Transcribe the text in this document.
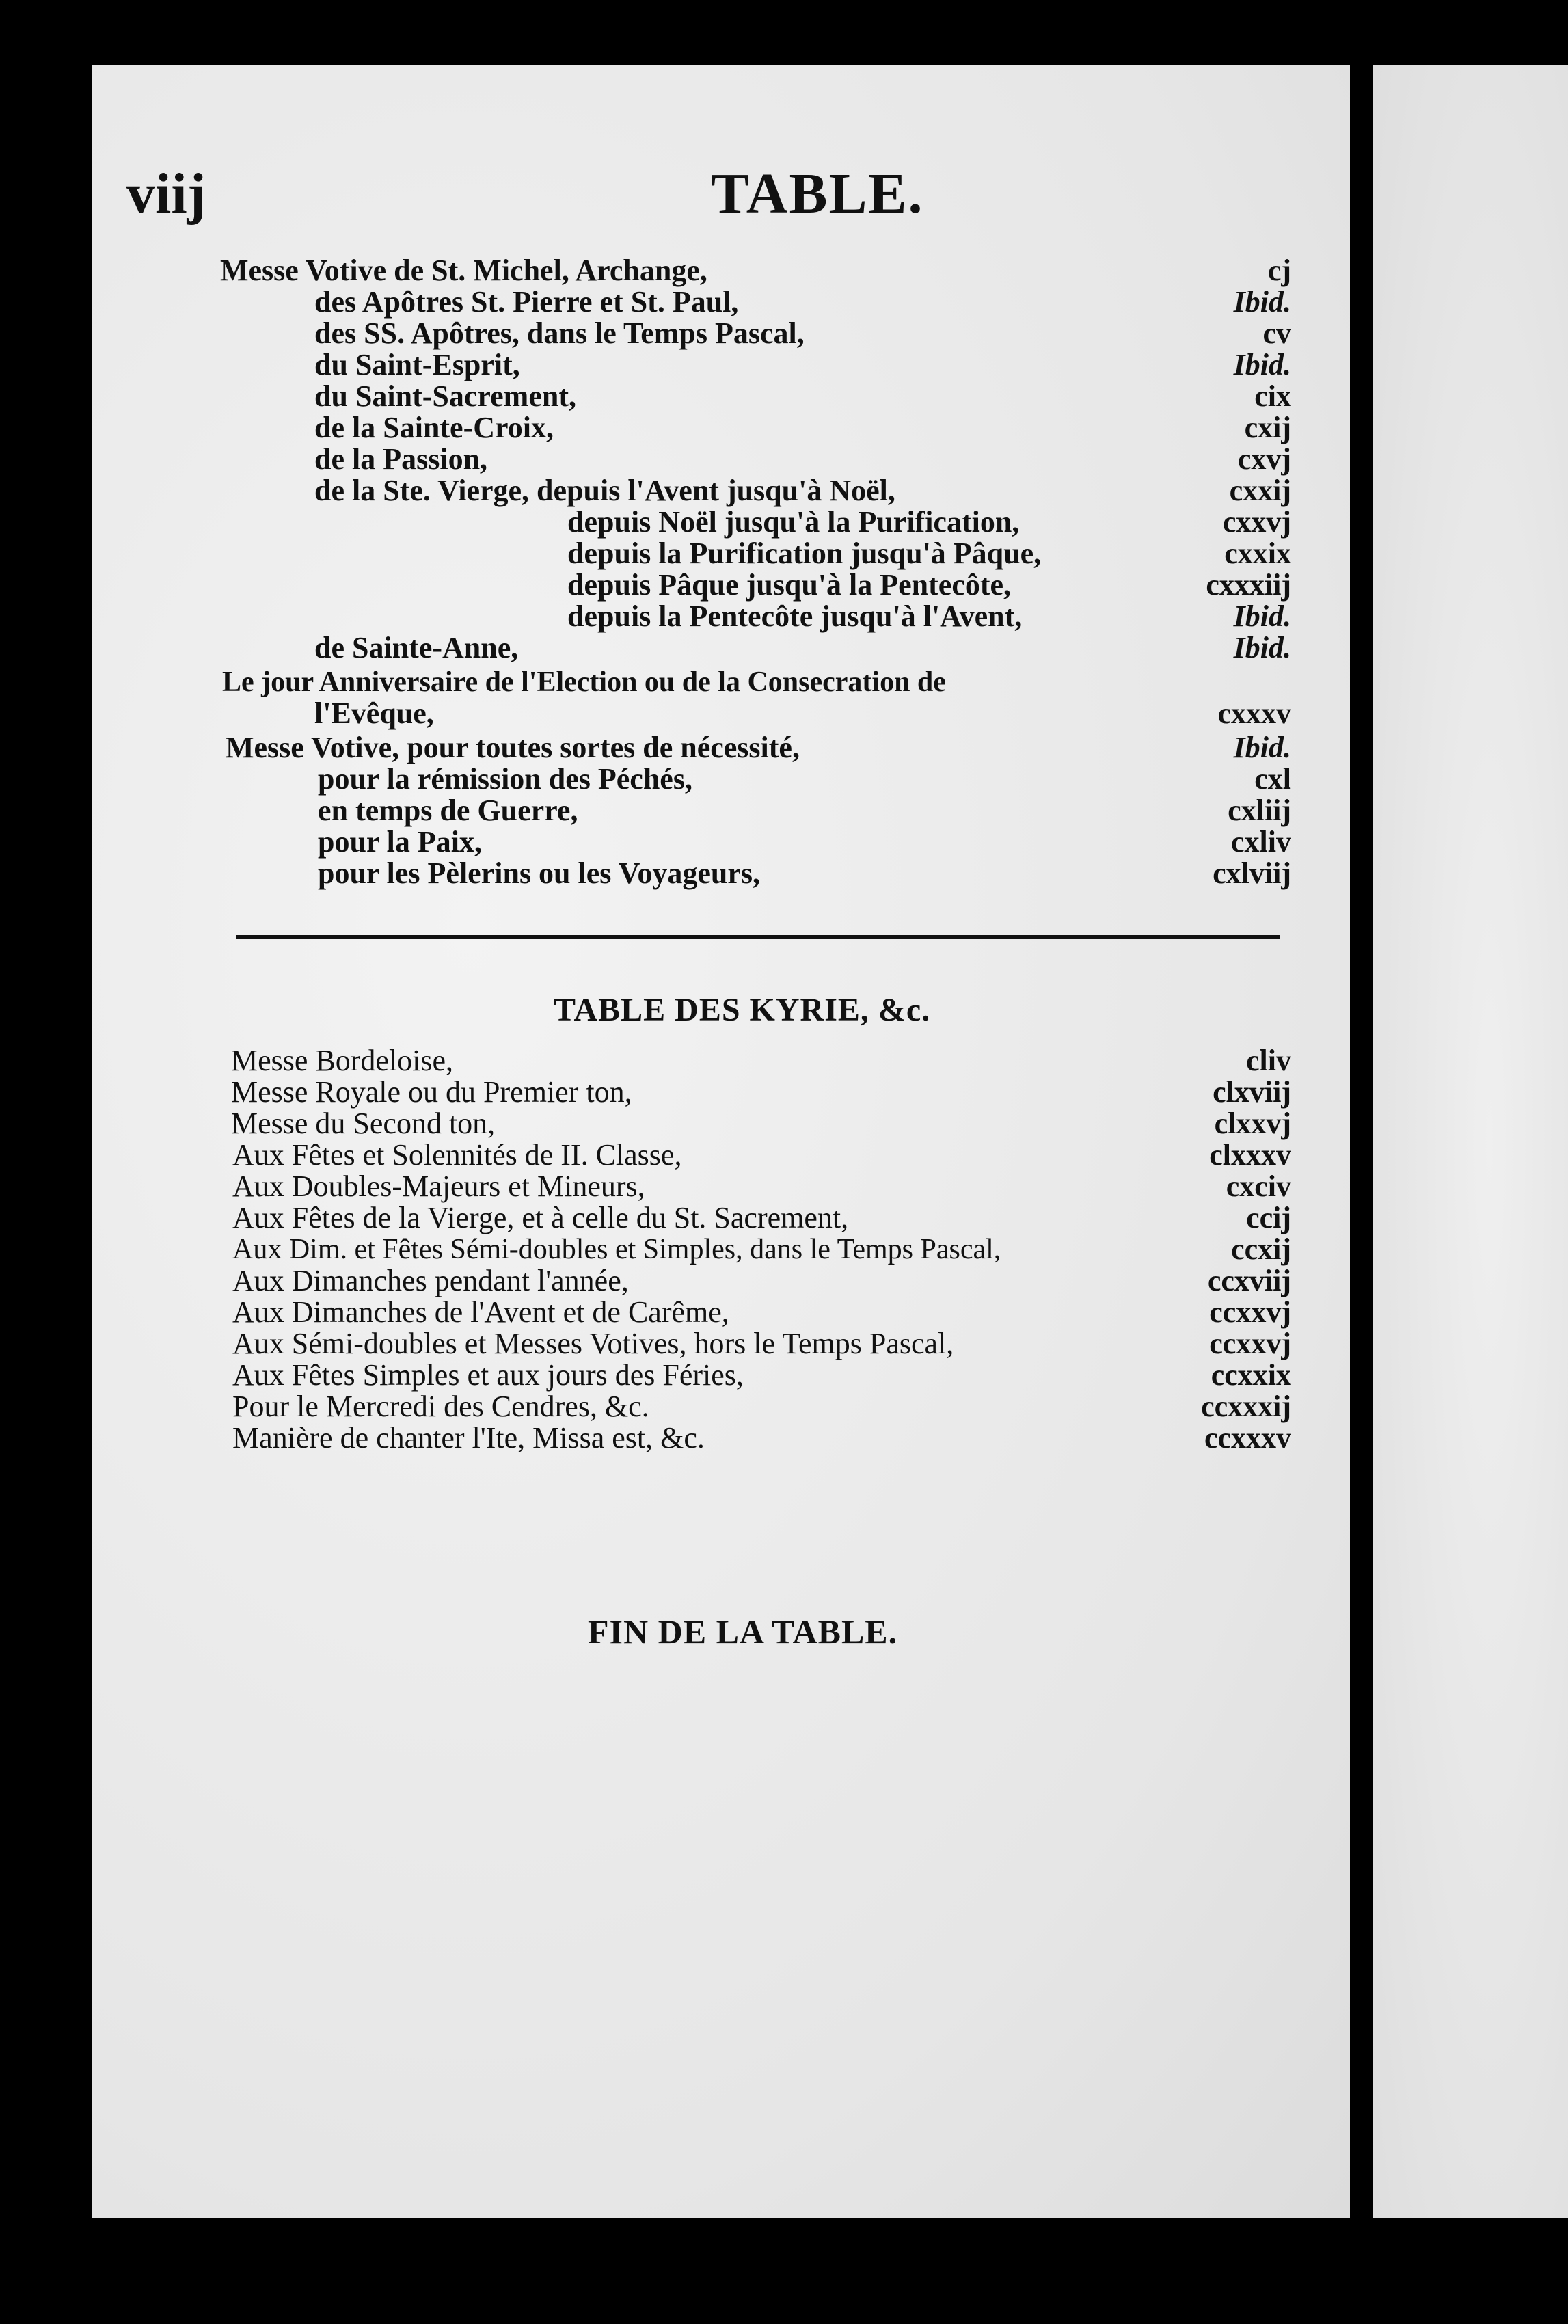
viij	TABLE.
Messe Votive de St. Michel, Archange,	cj
des Apôtres St. Pierre et St. Paul,	Ibid.
des SS. Apôtres, dans le Temps Pascal,	cv
du Saint-Esprit,	Ibid.
du Saint-Sacrement,	cix
de la Sainte-Croix,	cxij
de la Passion,	cxvj
de la Ste. Vierge, depuis l'Avent jusqu'à Noël,	cxxij
depuis Noël jusqu'à la Purification,	cxxvj
depuis la Purification jusqu'à Pâque,	cxxix
depuis Pâque jusqu'à la Pentecôte,	cxxxiij
depuis la Pentecôte jusqu'à l'Avent,	Ibid.
de Sainte-Anne,	Ibid.
Le jour Anniversaire de l'Election ou de la Consecration de
l'Evêque,	cxxxv
Messe Votive, pour toutes sortes de nécessité,	Ibid.
pour la rémission des Péchés,	cxl
en temps de Guerre,	cxliij
pour la Paix,	cxliv
pour les Pèlerins ou les Voyageurs,	cxlviij
TABLE DES KYRIE, &c.
Messe Bordeloise,	cliv
Messe Royale ou du Premier ton,	clxviij
Messe du Second ton,	clxxvj
Aux Fêtes et Solennités de II. Classe,	clxxxv
Aux Doubles-Majeurs et Mineurs,	cxciv
Aux Fêtes de la Vierge, et à celle du St. Sacrement,	ccij
Aux Dim. et Fêtes Sémi-doubles et Simples, dans le Temps Pascal,	ccxij
Aux Dimanches pendant l'année,	ccxviij
Aux Dimanches de l'Avent et de Carême,	ccxxvj
Aux Sémi-doubles et Messes Votives, hors le Temps Pascal,	ccxxvj
Aux Fêtes Simples et aux jours des Féries,	ccxxix
Pour le Mercredi des Cendres, &c.	ccxxxij
Manière de chanter l'Ite, Missa est, &c.	ccxxxv
FIN DE LA TABLE.
